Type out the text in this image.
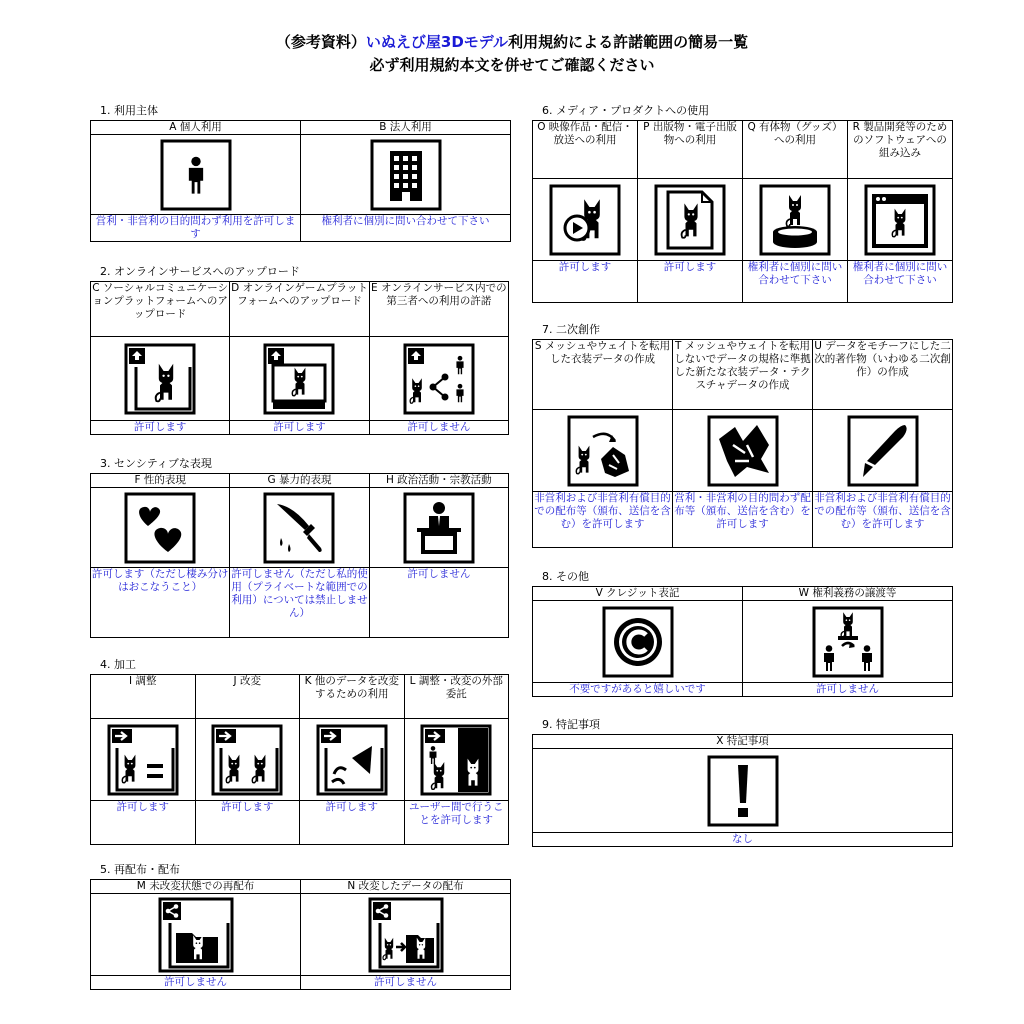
（参考資料）いぬえび屋3Dモデル利用規約による許諾範囲の簡易一覧
必ず利用規約本文を併せてご確認ください
1. 利用主体
A 個人利用	B 法人利用

営利・非営利の目的問わず利用を許可します	権利者に個別に問い合わせて下さい
2. オンラインサービスへのアップロード
C ソーシャルコミュニケーションプラットフォームへのアップロード	D オンラインゲームプラットフォームへのアップロード	E オンラインサービス内での第三者への利用の許諾

許可します	許可します	許可しません
3. センシティブな表現
F 性的表現	G 暴力的表現	H 政治活動・宗教活動

許可します（ただし棲み分けはおこなうこと）	許可しません（ただし私的使用（プライベートな範囲での利用）については禁止しません）	許可しません
4. 加工
I 調整	J 改変	K 他のデータを改変するための利用	L 調整・改変の外部委託

許可します	許可します	許可します	ユーザー間で行うことを許可します
5. 再配布・配布
M 未改変状態での再配布	N 改変したデータの配布

許可しません	許可しません
6. メディア・プロダクトへの使用
O 映像作品・配信・放送への利用	P 出版物・電子出版物への利用	Q 有体物（グッズ）への利用	R 製品開発等のためのソフトウェアへの組み込み

許可します	許可します	権利者に個別に問い合わせて下さい	権利者に個別に問い合わせて下さい
7. 二次創作
S メッシュやウェイトを転用した衣装データの作成	T メッシュやウェイトを転用しないでデータの規格に準拠した新たな衣装データ・テクスチャデータの作成	U データをモチーフにした二次的著作物（いわゆる二次創作）の作成

非営利および非営利有償目的での配布等（頒布、送信を含む）を許可します	営利・非営利の目的問わず配布等（頒布、送信を含む）を許可します	非営利および非営利有償目的での配布等（頒布、送信を含む）を許可します
8. その他
V クレジット表記	W 権利義務の譲渡等

不要ですがあると嬉しいです	許可しません
9. 特記事項
X 特記事項

なし
